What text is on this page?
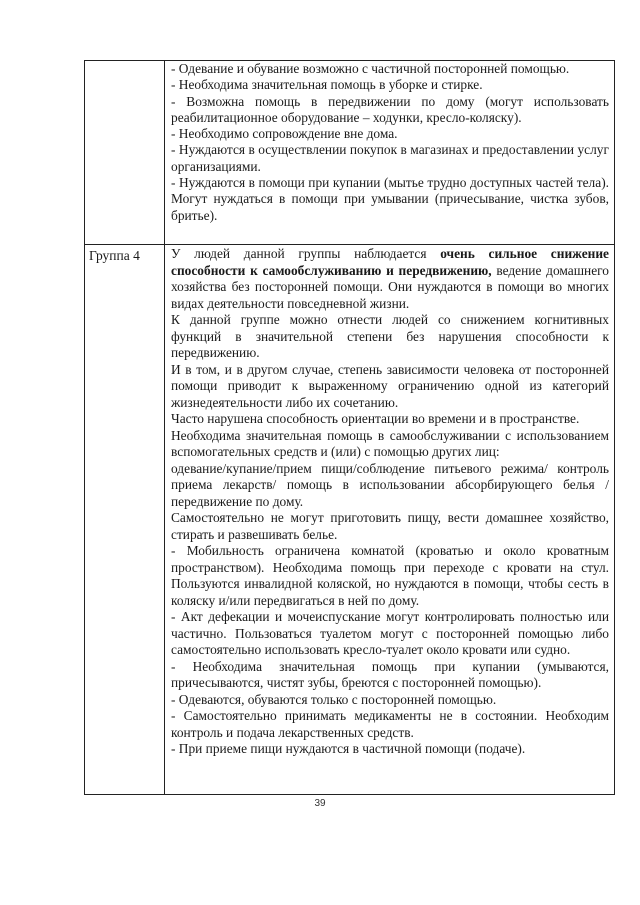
- Одевание и обувание возможно с частичной посторонней помощью.

- Необходима значительная помощь в уборке и стирке.

- Возможна помощь в передвижении по дому (могут использовать реабилитационное оборудование – ходунки, кресло-коляску).

- Необходимо сопровождение вне дома.

- Нуждаются в осуществлении покупок в магазинах и предоставлении услуг организациями.

- Нуждаются в помощи при купании (мытье трудно доступных частей тела). Могут нуждаться в помощи при умывании (причесывание, чистка зубов, бритье).

Группа 4 У людей данной группы наблюдается очень сильное снижение способности к самообслуживанию и передвижению, ведение домашнего хозяйства без посторонней помощи. Они нуждаются в помощи во многих видах деятельности повседневной жизни.

К данной группе можно отнести людей со снижением когнитивных функций в значительной степени без нарушения способности к передвижению.

И в том, и в другом случае, степень зависимости человека от посторонней помощи приводит к выраженному ограничению одной из категорий жизнедеятельности либо их сочетанию.

Часто нарушена способность ориентации во времени и в пространстве.

Необходима значительная помощь в самообслуживании с использованием вспомогательных средств и (или) с помощью других лиц:

одевание/купание/прием пищи/соблюдение питьевого режима/ контроль приема лекарств/ помощь в использовании абсорбирующего белья /передвижение по дому.

Самостоятельно не могут приготовить пищу, вести домашнее хозяйство, стирать и развешивать белье.

- Мобильность ограничена комнатой (кроватью и около кроватным пространством). Необходима помощь при переходе с кровати на стул. Пользуются инвалидной коляской, но нуждаются в помощи, чтобы сесть в коляску и/или передвигаться в ней по дому.

- Акт дефекации и мочеиспускание могут контролировать полностью или частично. Пользоваться туалетом могут с посторонней помощью либо самостоятельно использовать кресло-туалет около кровати или судно.

- Необходима значительная помощь при купании (умываются, причесываются, чистят зубы, бреются с посторонней помощью).

- Одеваются, обуваются только с посторонней помощью.

- Самостоятельно принимать медикаменты не в состоянии. Необходим контроль и подача лекарственных средств.

- При приеме пищи нуждаются в частичной помощи (подаче).

39
